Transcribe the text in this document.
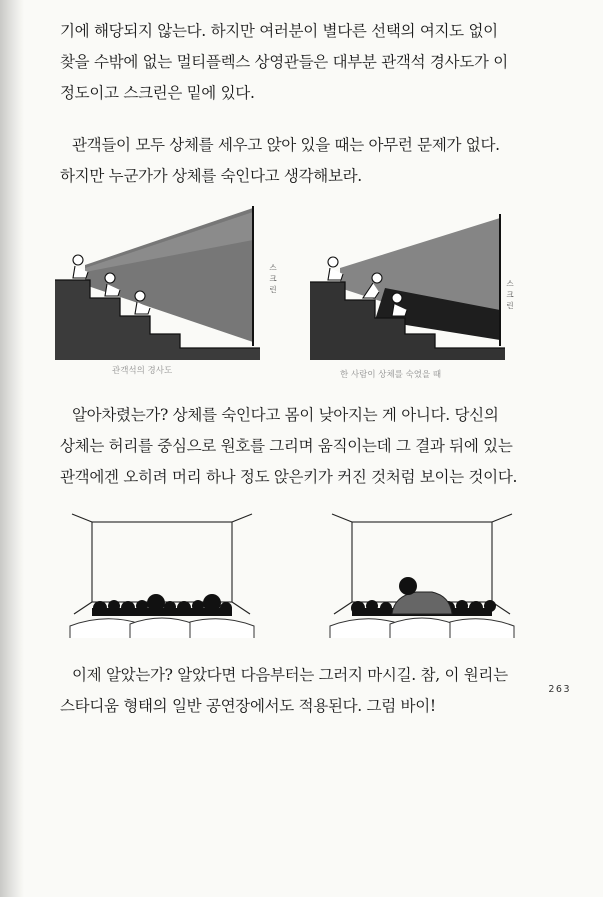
기에 해당되지 않는다. 하지만 여러분이 별다른 선택의 여지도 없이
찾을 수밖에 없는 멀티플렉스 상영관들은 대부분 관객석 경사도가 이
정도이고 스크린은 밑에 있다.
관객들이 모두 상체를 세우고 앉아 있을 때는 아무런 문제가 없다.
하지만 누군가가 상체를 숙인다고 생각해보라.
스
크
린
스
크
린
관객석의 경사도	한 사람이 상체를 숙였을 때
알아차렸는가? 상체를 숙인다고 몸이 낮아지는 게 아니다. 당신의
상체는 허리를 중심으로 원호를 그리며 움직이는데 그 결과 뒤에 있는
관객에겐 오히려 머리 하나 정도 앉은키가 커진 것처럼 보이는 것이다.
이제 알았는가? 알았다면 다음부터는 그러지 마시길. 참, 이 원리는
스타디움 형태의 일반 공연장에서도 적용된다. 그럼 바이!
263
